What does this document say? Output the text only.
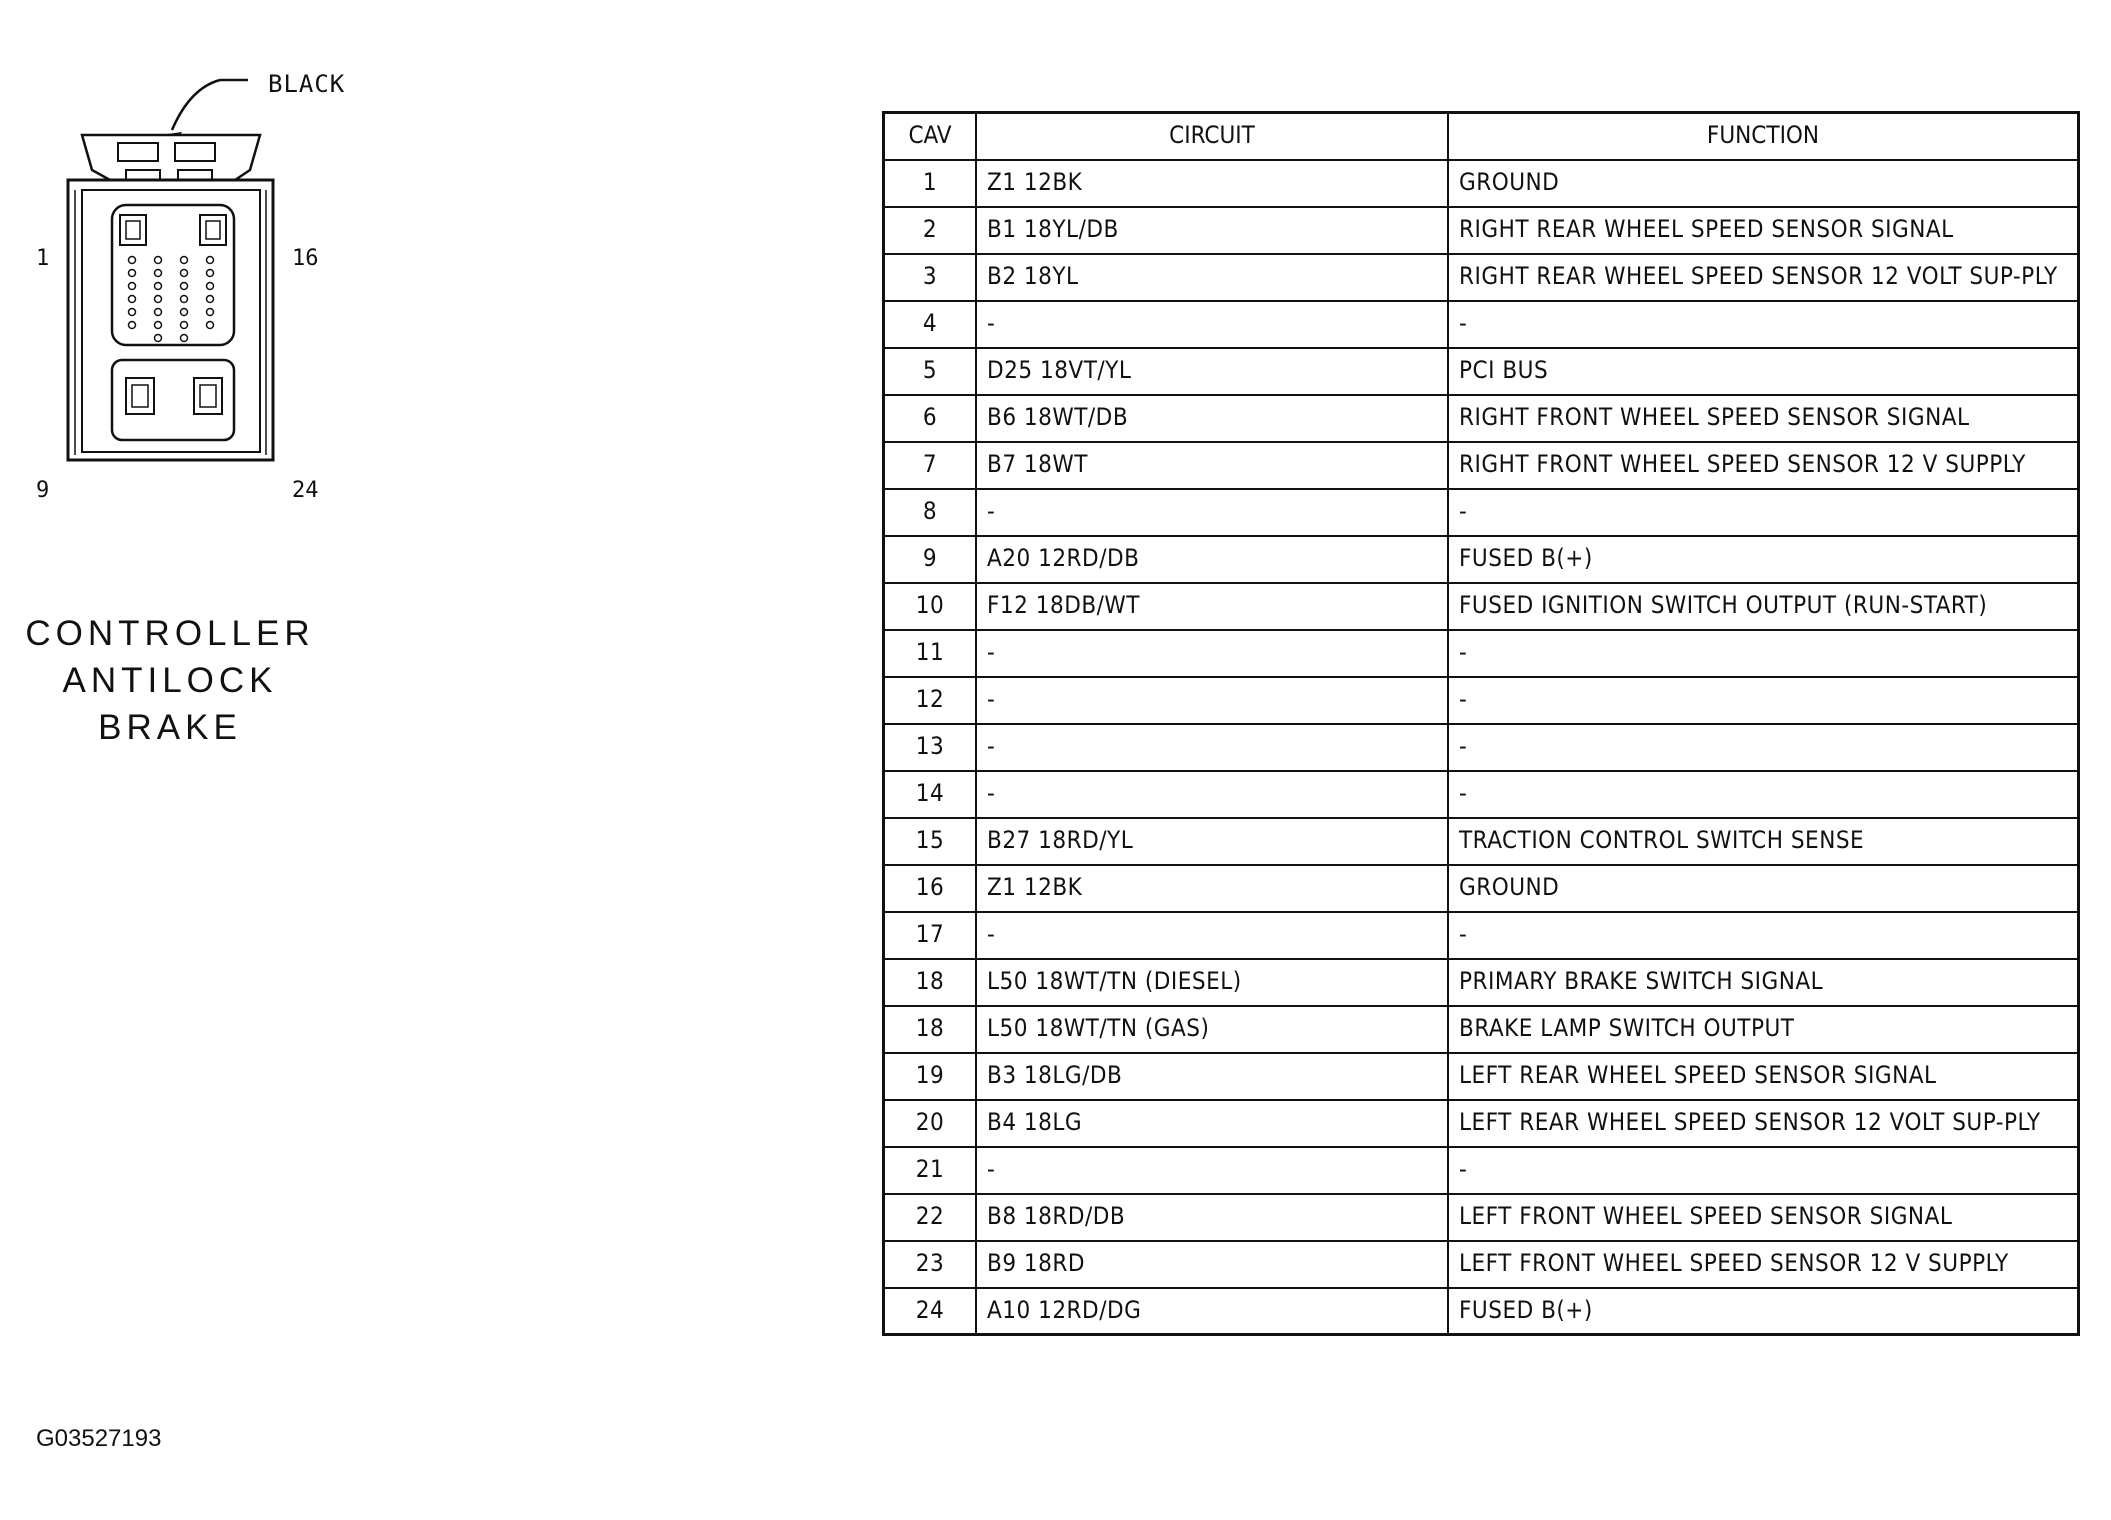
BLACK
1	16
9	24
CONTROLLER
ANTILOCK
BRAKE
G03527193
CAV	CIRCUIT	FUNCTION
1	Z1 12BK	GROUND
2	B1 18YL/DB	RIGHT REAR WHEEL SPEED SENSOR SIGNAL
3	B2 18YL	RIGHT REAR WHEEL SPEED SENSOR 12 VOLT SUP-PLY
4	-	-
5	D25 18VT/YL	PCI BUS
6	B6 18WT/DB	RIGHT FRONT WHEEL SPEED SENSOR SIGNAL
7	B7 18WT	RIGHT FRONT WHEEL SPEED SENSOR 12 V SUPPLY
8	-	-
9	A20 12RD/DB	FUSED B(+)
10	F12 18DB/WT	FUSED IGNITION SWITCH OUTPUT (RUN-START)
11	-	-
12	-	-
13	-	-
14	-	-
15	B27 18RD/YL	TRACTION CONTROL SWITCH SENSE
16	Z1 12BK	GROUND
17	-	-
18	L50 18WT/TN (DIESEL)	PRIMARY BRAKE SWITCH SIGNAL
18	L50 18WT/TN (GAS)	BRAKE LAMP SWITCH OUTPUT
19	B3 18LG/DB	LEFT REAR WHEEL SPEED SENSOR SIGNAL
20	B4 18LG	LEFT REAR WHEEL SPEED SENSOR 12 VOLT SUP-PLY
21	-	-
22	B8 18RD/DB	LEFT FRONT WHEEL SPEED SENSOR SIGNAL
23	B9 18RD	LEFT FRONT WHEEL SPEED SENSOR 12 V SUPPLY
24	A10 12RD/DG	FUSED B(+)
